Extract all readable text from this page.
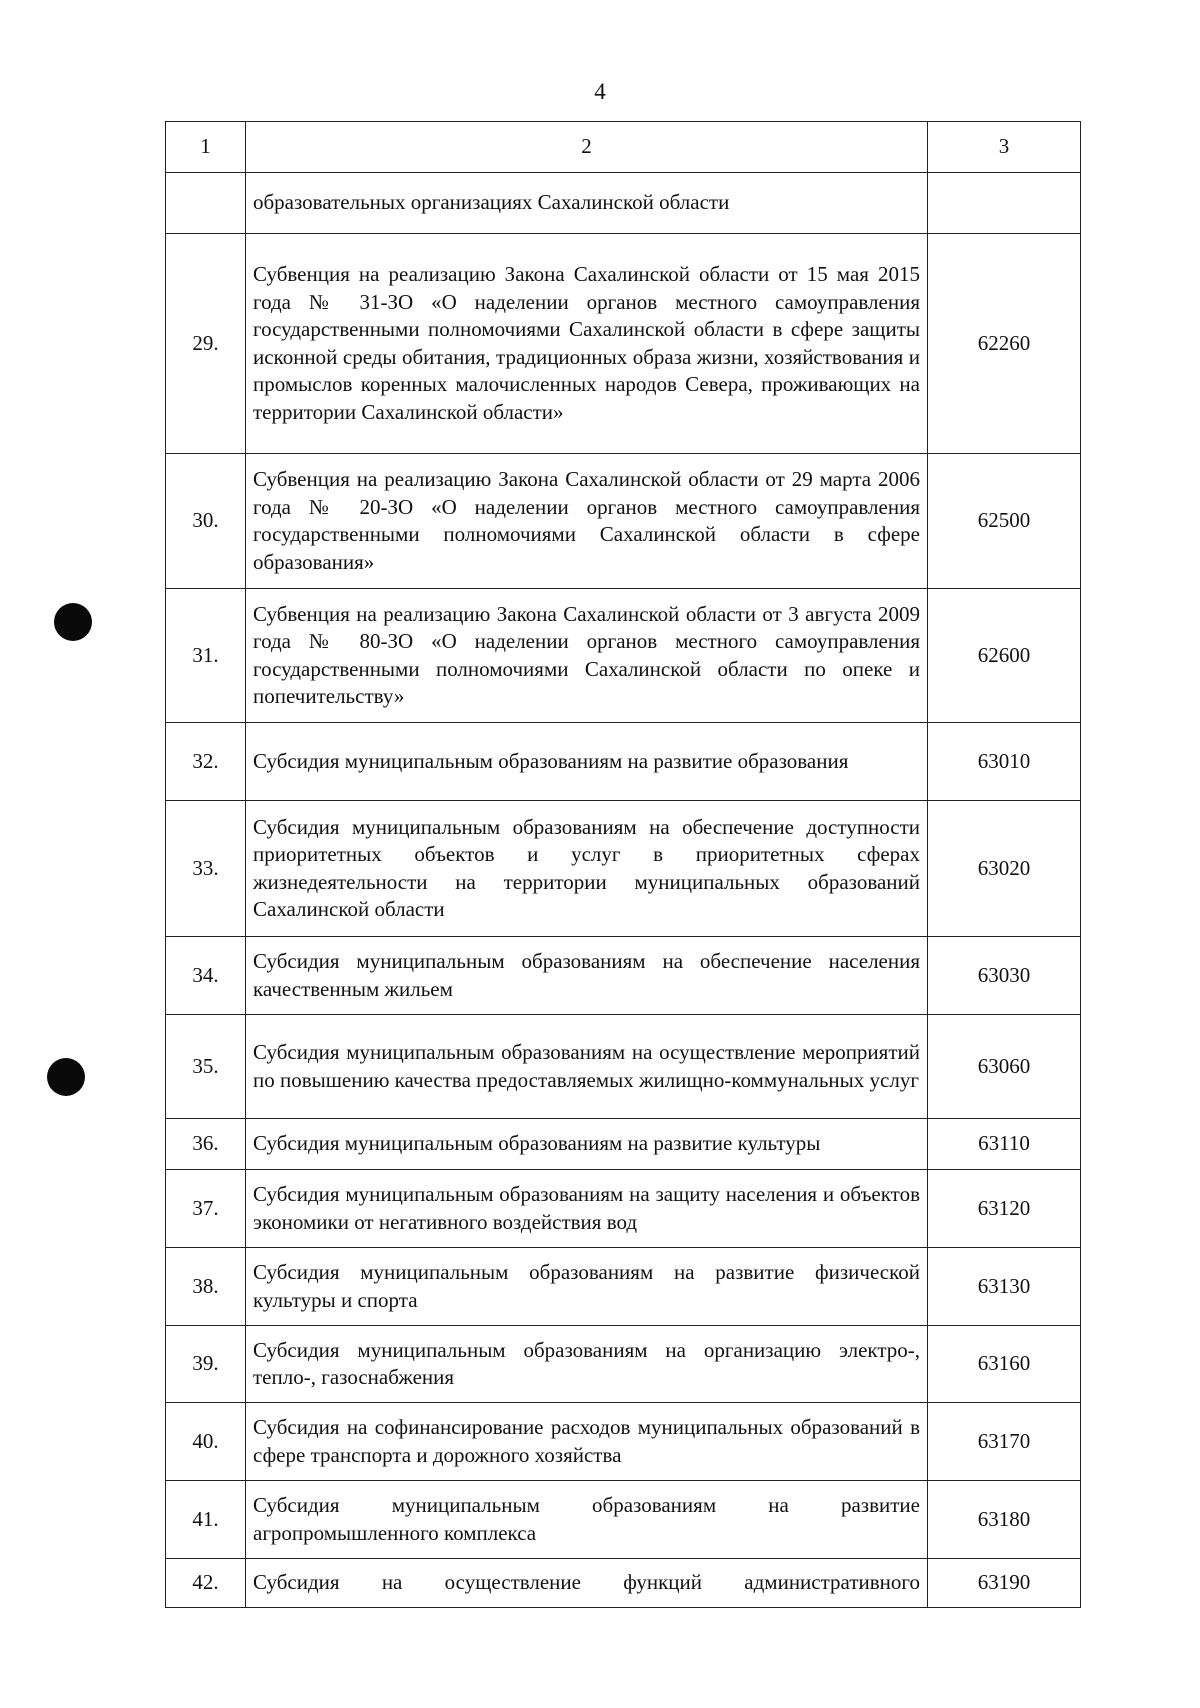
4
1	2	3
	образовательных организациях Сахалинской области	
29.	Субвенция на реализацию Закона Сахалинской области от 15 мая 2015 года № 31-ЗО «О наделении органов местного самоуправления государственными полномочиями Сахалинской области в сфере защиты исконной среды обитания, традиционных образа жизни, хозяйствования и промыслов коренных малочисленных народов Севера, проживающих на территории Сахалинской области»	62260
30.	Субвенция на реализацию Закона Сахалинской области от 29 марта 2006 года № 20-ЗО «О наделении органов местного самоуправления государственными полномочиями Сахалинской области в сфере образования»	62500
31.	Субвенция на реализацию Закона Сахалинской области от 3 августа 2009 года № 80-ЗО «О наделении органов местного самоуправления государственными полномочиями Сахалинской области по опеке и попечительству»	62600
32.	Субсидия муниципальным образованиям на развитие образования	63010
33.	Субсидия муниципальным образованиям на обеспечение доступности приоритетных объектов и услуг в приоритетных сферах жизнедеятельности на территории муниципальных образований Сахалинской области	63020
34.	Субсидия муниципальным образованиям на обеспечение населения качественным жильем	63030
35.	Субсидия муниципальным образованиям на осуществление мероприятий по повышению качества предоставляемых жилищно-коммунальных услуг	63060
36.	Субсидия муниципальным образованиям на развитие культуры	63110
37.	Субсидия муниципальным образованиям на защиту населения и объектов экономики от негативного воздействия вод	63120
38.	Субсидия муниципальным образованиям на развитие физической культуры и спорта	63130
39.	Субсидия муниципальным образованиям на организацию электро-, тепло-, газоснабжения	63160
40.	Субсидия на софинансирование расходов муниципальных образований в сфере транспорта и дорожного хозяйства	63170
41.	Субсидия муниципальным образованиям на развитие агропромышленного комплекса	63180
42.	Субсидия на осуществление функций административного	63190
